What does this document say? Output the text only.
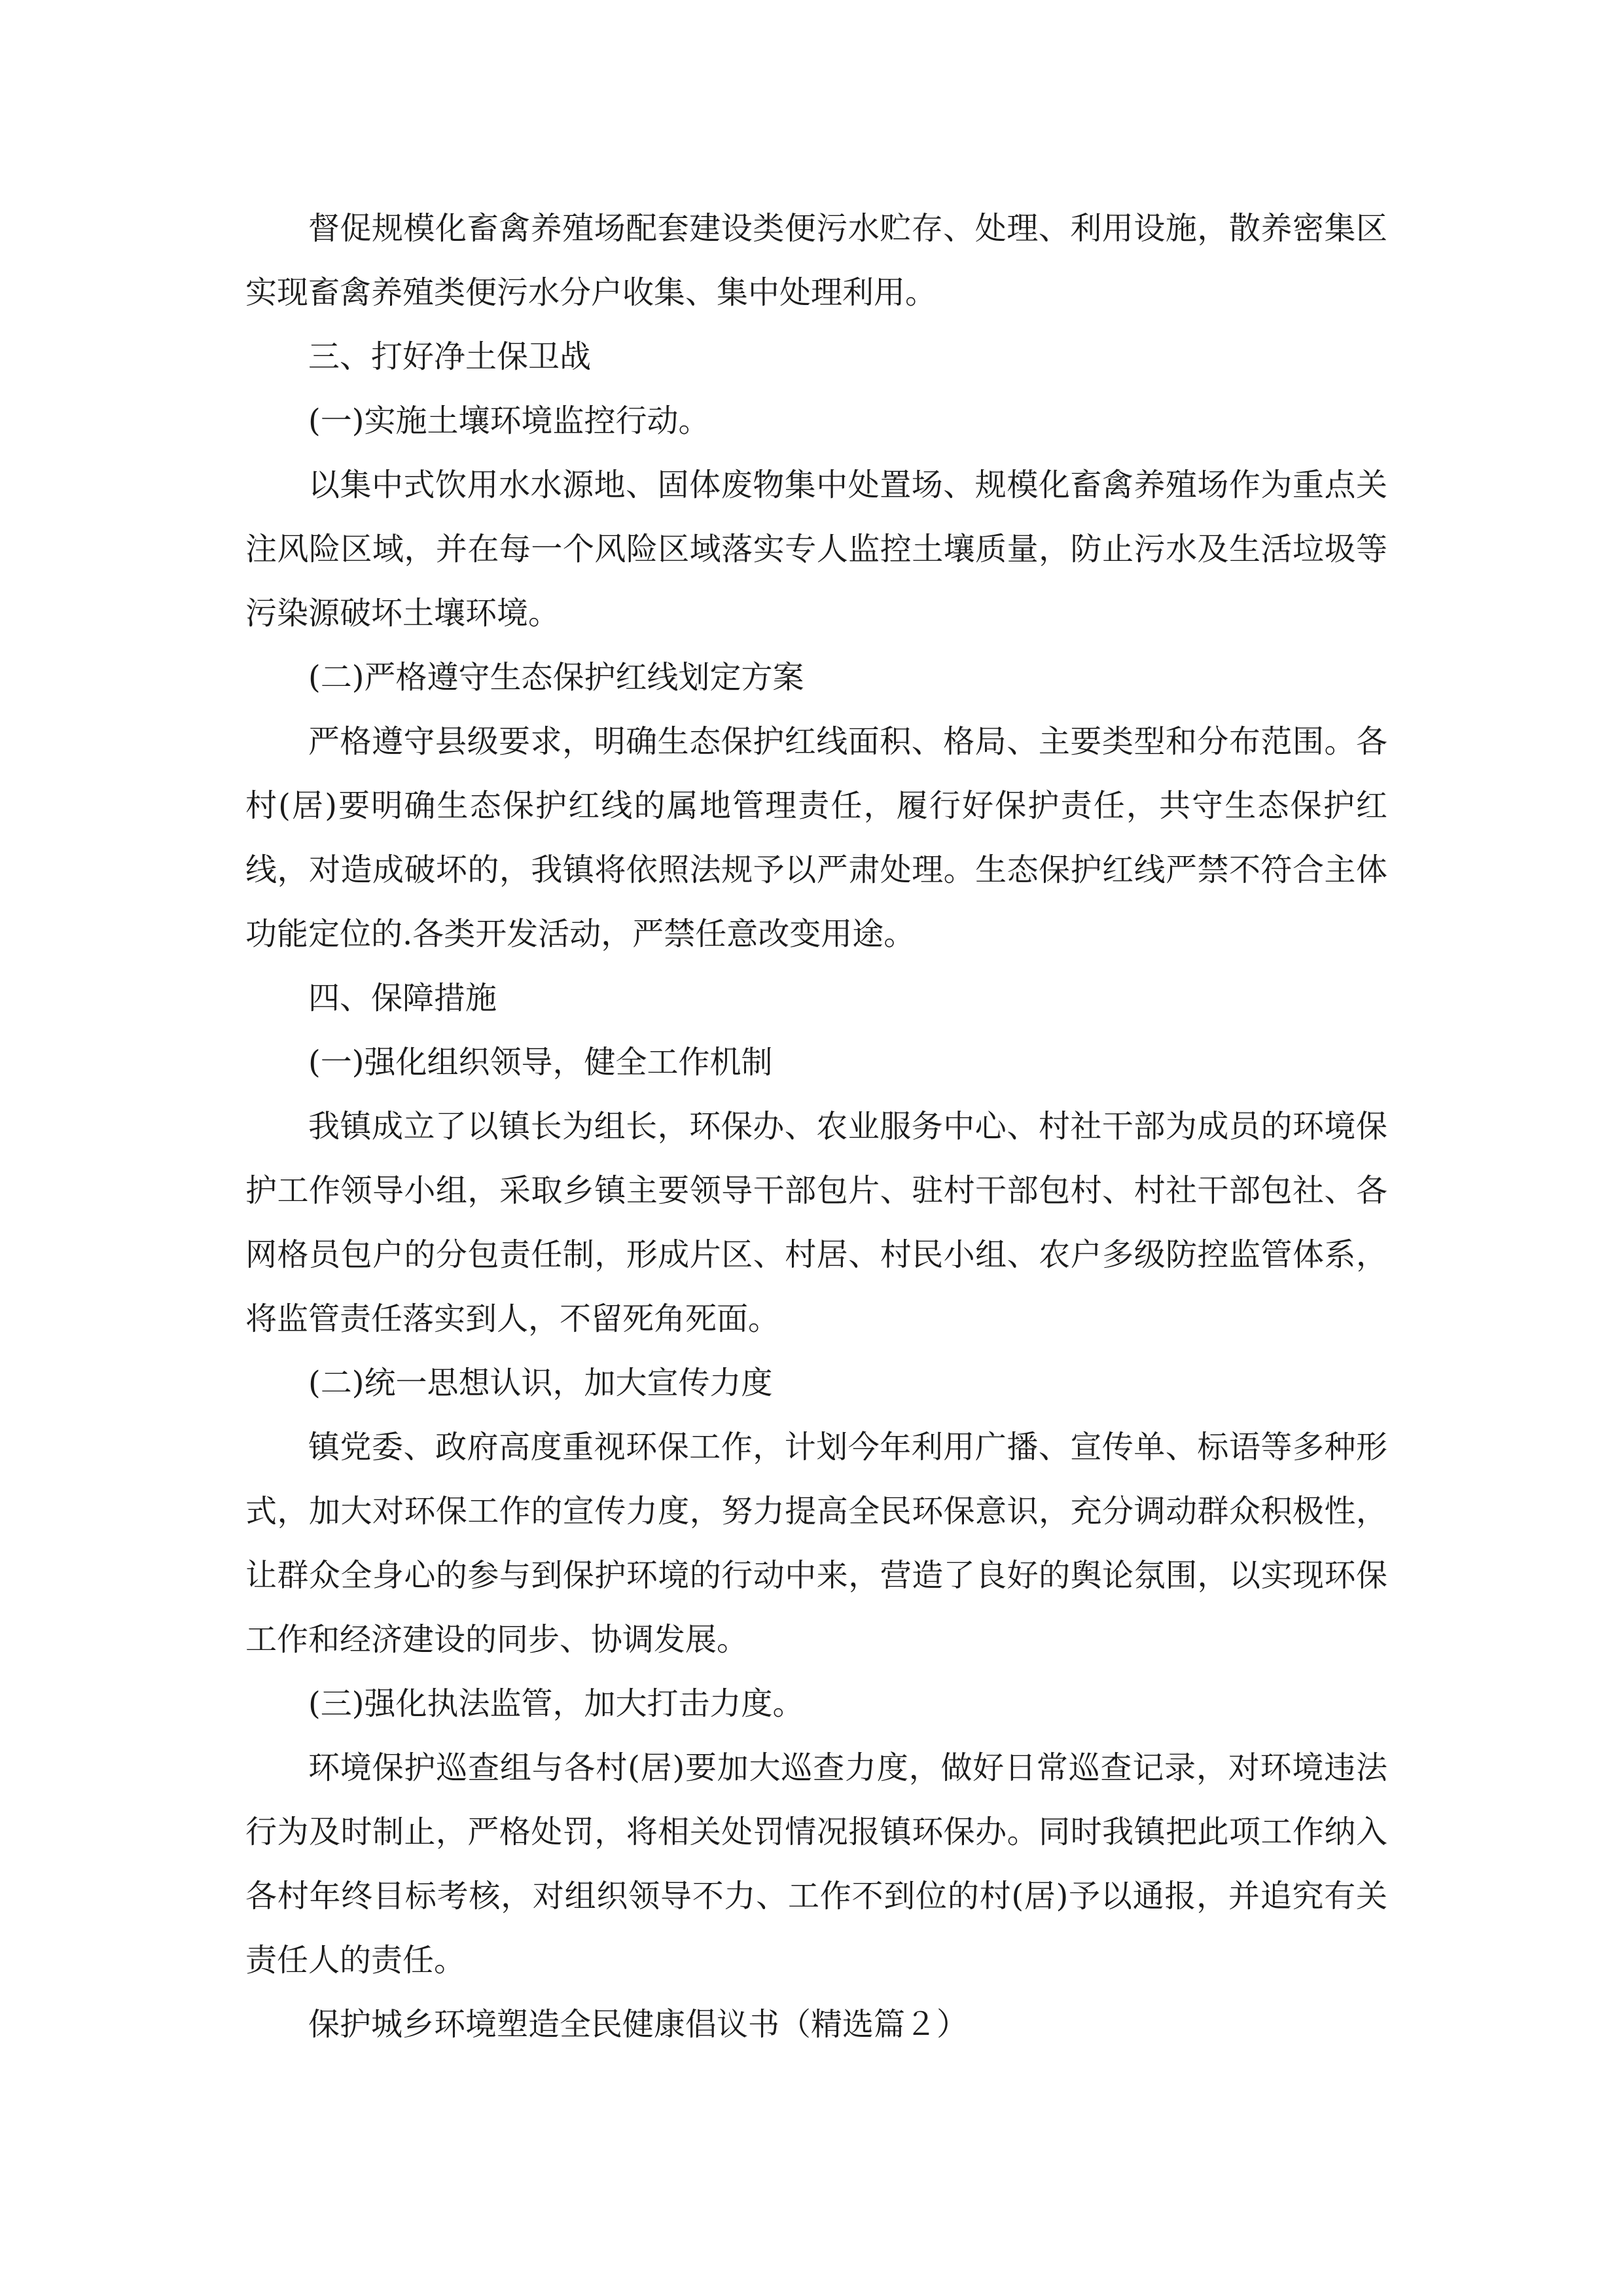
督促规模化畜禽养殖场配套建设类便污水贮存、处理、利用设施，散养密集区实现畜禽养殖类便污水分户收集、集中处理利用。

三、打好净土保卫战

(一)实施土壤环境监控行动。

以集中式饮用水水源地、固体废物集中处置场、规模化畜禽养殖场作为重点关注风险区域，并在每一个风险区域落实专人监控土壤质量，防止污水及生活垃圾等污染源破坏土壤环境。

(二)严格遵守生态保护红线划定方案

严格遵守县级要求，明确生态保护红线面积、格局、主要类型和分布范围。各村(居)要明确生态保护红线的属地管理责任，履行好保护责任，共守生态保护红线，对造成破坏的，我镇将依照法规予以严肃处理。生态保护红线严禁不符合主体功能定位的.各类开发活动，严禁任意改变用途。

四、保障措施

(一)强化组织领导，健全工作机制

我镇成立了以镇长为组长，环保办、农业服务中心、村社干部为成员的环境保护工作领导小组，采取乡镇主要领导干部包片、驻村干部包村、村社干部包社、各网格员包户的分包责任制，形成片区、村居、村民小组、农户多级防控监管体系，将监管责任落实到人，不留死角死面。

(二)统一思想认识，加大宣传力度

镇党委、政府高度重视环保工作，计划今年利用广播、宣传单、标语等多种形式，加大对环保工作的宣传力度，努力提高全民环保意识，充分调动群众积极性，让群众全身心的参与到保护环境的行动中来，营造了良好的舆论氛围，以实现环保工作和经济建设的同步、协调发展。

(三)强化执法监管，加大打击力度。

环境保护巡查组与各村(居)要加大巡查力度，做好日常巡查记录，对环境违法行为及时制止，严格处罚，将相关处罚情况报镇环保办。同时我镇把此项工作纳入各村年终目标考核，对组织领导不力、工作不到位的村(居)予以通报，并追究有关责任人的责任。

保护城乡环境塑造全民健康倡议书（精选篇２）
